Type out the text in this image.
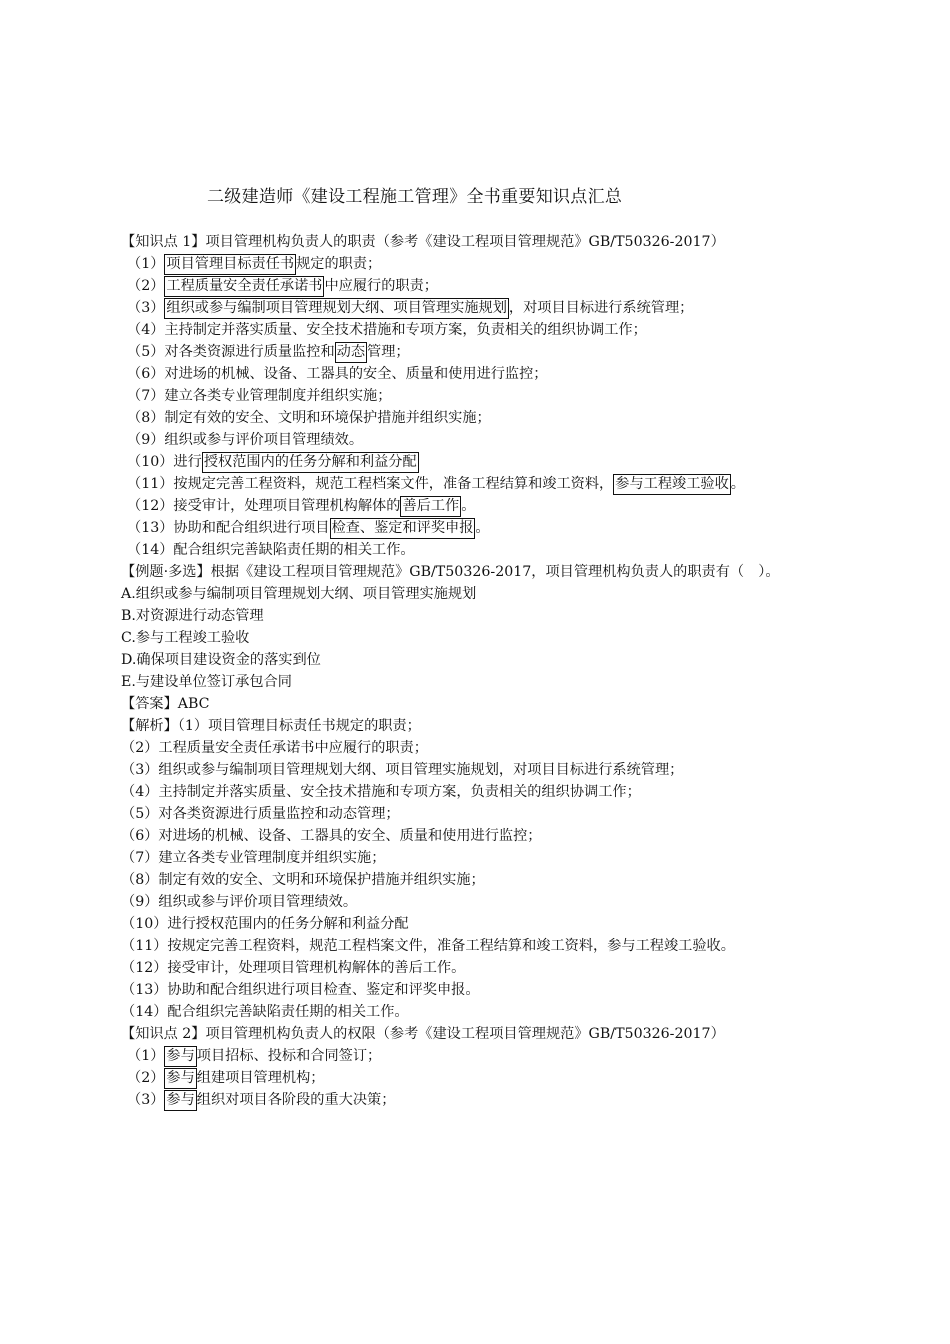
二级建造师《建设工程施工管理》全书重要知识点汇总
【知识点 1】项目管理机构负责人的职责（参考《建设工程项目管理规范》GB/T50326-2017）
（1） 项目管理目标责任书 规定的职责；
（2） 工程质量安全责任承诺书 中应履行的职责；
（3） 组织或参与编制项目管理规划大纲、项目管理实施规划 ，对项目目标进行系统管理；
（4）主持制定并落实质量、安全技术措施和专项方案，负责相关的组织协调工作；
（5）对各类资源进行质量监控和 动态 管理；
（6）对进场的机械、设备、工器具的安全、质量和使用进行监控；
（7）建立各类专业管理制度并组织实施；
（8）制定有效的安全、文明和环境保护措施并组织实施；
（9）组织或参与评价项目管理绩效。
（10）进行 授权范围内的任务分解和利益分配
（11）按规定完善工程资料，规范工程档案文件，准备工程结算和竣工资料， 参与工程竣工验收 。
（12）接受审计，处理项目管理机构解体的 善后工作 。
（13）协助和配合组织进行项目 检查、鉴定和评奖申报 。
（14）配合组织完善缺陷责任期的相关工作。
【例题·多选】根据《建设工程项目管理规范》GB/T50326-2017，项目管理机构负责人的职责有（　）。
A.组织或参与编制项目管理规划大纲、项目管理实施规划
B.对资源进行动态管理
C.参与工程竣工验收
D.确保项目建设资金的落实到位
E.与建设单位签订承包合同
【答案】ABC
【解析】（1）项目管理目标责任书规定的职责；
（2）工程质量安全责任承诺书中应履行的职责；
（3）组织或参与编制项目管理规划大纲、项目管理实施规划，对项目目标进行系统管理；
（4）主持制定并落实质量、安全技术措施和专项方案，负责相关的组织协调工作；
（5）对各类资源进行质量监控和动态管理；
（6）对进场的机械、设备、工器具的安全、质量和使用进行监控；
（7）建立各类专业管理制度并组织实施；
（8）制定有效的安全、文明和环境保护措施并组织实施；
（9）组织或参与评价项目管理绩效。
（10）进行授权范围内的任务分解和利益分配
（11）按规定完善工程资料，规范工程档案文件，准备工程结算和竣工资料，参与工程竣工验收。
（12）接受审计，处理项目管理机构解体的善后工作。
（13）协助和配合组织进行项目检查、鉴定和评奖申报。
（14）配合组织完善缺陷责任期的相关工作。
【知识点 2】项目管理机构负责人的权限（参考《建设工程项目管理规范》GB/T50326-2017）
（1） 参与 项目招标、投标和合同签订；
（2） 参与 组建项目管理机构；
（3） 参与 组织对项目各阶段的重大决策；
